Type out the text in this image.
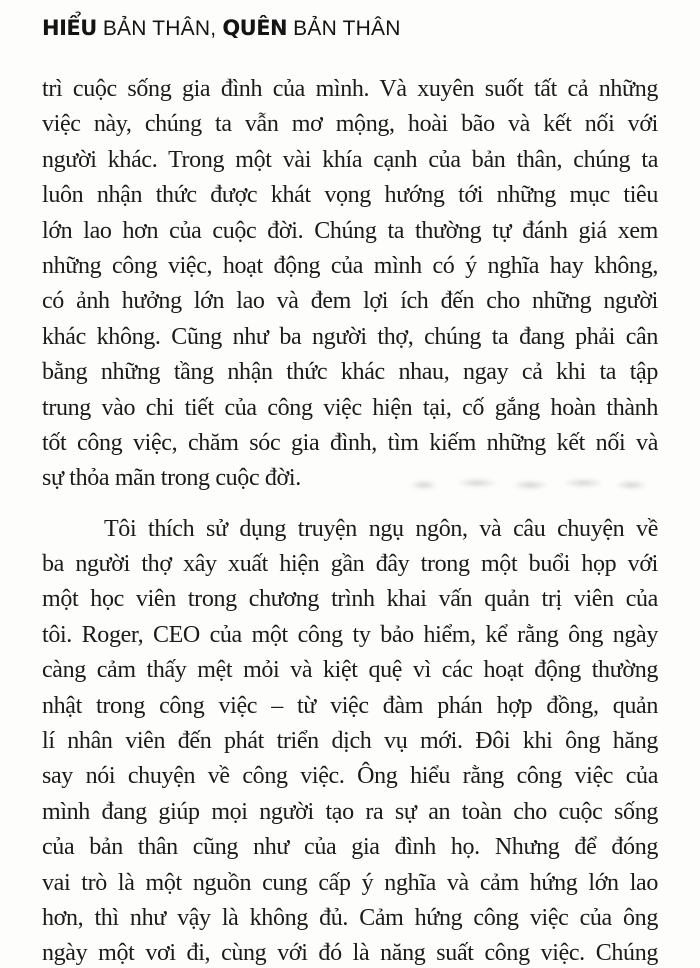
HIỂU BẢN THÂN, QUÊN BẢN THÂN
trì cuộc sống gia đình của mình. Và xuyên suốt tất cả những
việc này, chúng ta vẫn mơ mộng, hoài bão và kết nối với
người khác. Trong một vài khía cạnh của bản thân, chúng ta
luôn nhận thức được khát vọng hướng tới những mục tiêu
lớn lao hơn của cuộc đời. Chúng ta thường tự đánh giá xem
những công việc, hoạt động của mình có ý nghĩa hay không,
có ảnh hưởng lớn lao và đem lợi ích đến cho những người
khác không. Cũng như ba người thợ, chúng ta đang phải cân
bằng những tầng nhận thức khác nhau, ngay cả khi ta tập
trung vào chi tiết của công việc hiện tại, cố gắng hoàn thành
tốt công việc, chăm sóc gia đình, tìm kiếm những kết nối và
sự thỏa mãn trong cuộc đời.
Tôi thích sử dụng truyện ngụ ngôn, và câu chuyện về
ba người thợ xây xuất hiện gần đây trong một buổi họp với
một học viên trong chương trình khai vấn quản trị viên của
tôi. Roger, CEO của một công ty bảo hiểm, kể rằng ông ngày
càng cảm thấy mệt mỏi và kiệt quệ vì các hoạt động thường
nhật trong công việc – từ việc đàm phán hợp đồng, quản
lí nhân viên đến phát triển dịch vụ mới. Đôi khi ông hăng
say nói chuyện về công việc. Ông hiểu rằng công việc của
mình đang giúp mọi người tạo ra sự an toàn cho cuộc sống
của bản thân cũng như của gia đình họ. Nhưng để đóng
vai trò là một nguồn cung cấp ý nghĩa và cảm hứng lớn lao
hơn, thì như vậy là không đủ. Cảm hứng công việc của ông
ngày một vơi đi, cùng với đó là năng suất công việc. Chúng
